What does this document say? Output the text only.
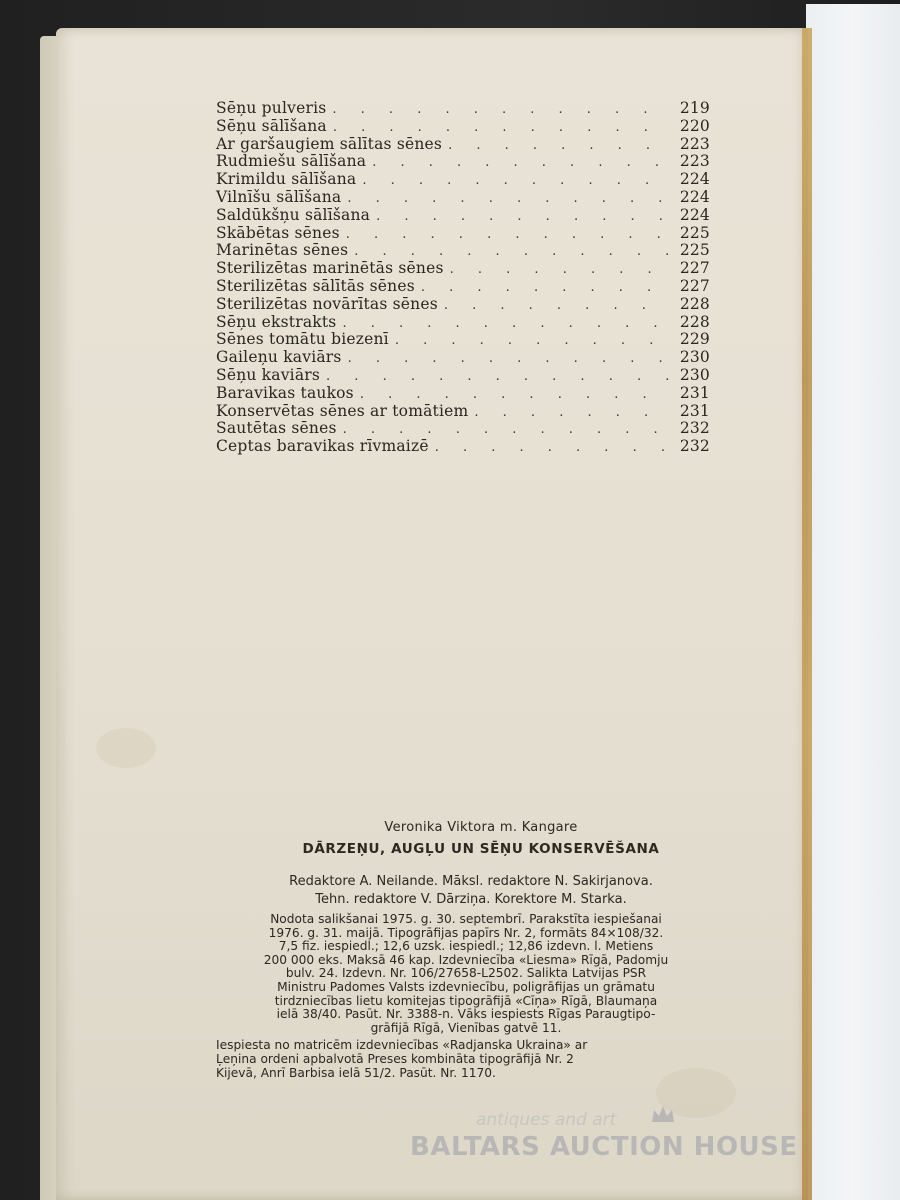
Sēņu pulveris . . .	219
Sēņu sālīšana . . .	220
Ar garšaugiem sālītas sēnes . . .	223
Rudmiešu sālīšana . . .	223
Krimildu sālīšana . . .	224
Vilnīšu sālīšana . . .	224
Saldūkšņu sālīšana . . .	224
Skābētas sēnes . . .	225
Marinētas sēnes . . .	225
Sterilizētas marinētās sēnes . . .	227
Sterilizētas sālītās sēnes . . .	227
Sterilizētas novārītas sēnes . . .	228
Sēņu ekstrakts . . .	228
Sēnes tomātu biezenī . . .	229
Gaileņu kaviārs . . .	230
Sēņu kaviārs . . .	230
Baravikas taukos . . .	231
Konservētas sēnes ar tomātiem . . .	231
Sautētas sēnes . . .	232
Ceptas baravikas rīvmaizē . . .	232
Veronika Viktora m. Kangare
DĀRZEŅU, AUGĻU UN SĒŅU KONSERVĒŠANA
Redaktore A. Neilande. Māksl. redaktore N. Sakirjanova.
Tehn. redaktore V. Dārziņa. Korektore M. Starka.

Nodota salikšanai 1975. g. 30. septembrī. Parakstīta iespiešanai

1976. g. 31. maijā. Tipogrāfijas papīrs Nr. 2, formāts 84×108/32.

7,5 fiz. iespiedl.; 12,6 uzsk. iespiedl.; 12,86 izdevn. l. Metiens

200 000 eks. Maksā 46 kap. Izdevniecība «Liesma» Rīgā, Padomju

bulv. 24. Izdevn. Nr. 106/27658-L2502. Salikta Latvijas PSR

Ministru Padomes Valsts izdevniecību, poligrāfijas un grāmatu

tirdzniecības lietu komitejas tipogrāfijā «Cīņa» Rīgā, Blaumaņa

ielā 38/40. Pasūt. Nr. 3388-n. Vāks iespiests Rīgas Paraugtipo-

grāfijā Rīgā, Vienības gatvē 11.

Iespiesta no matricēm izdevniecības «Radjanska Ukraina» ar

Ļeņina ordeni apbalvotā Preses kombināta tipogrāfijā Nr. 2

Kijevā, Anrī Barbisa ielā 51/2. Pasūt. Nr. 1170.

antiques and art
BALTARS AUCTION HOUSE
